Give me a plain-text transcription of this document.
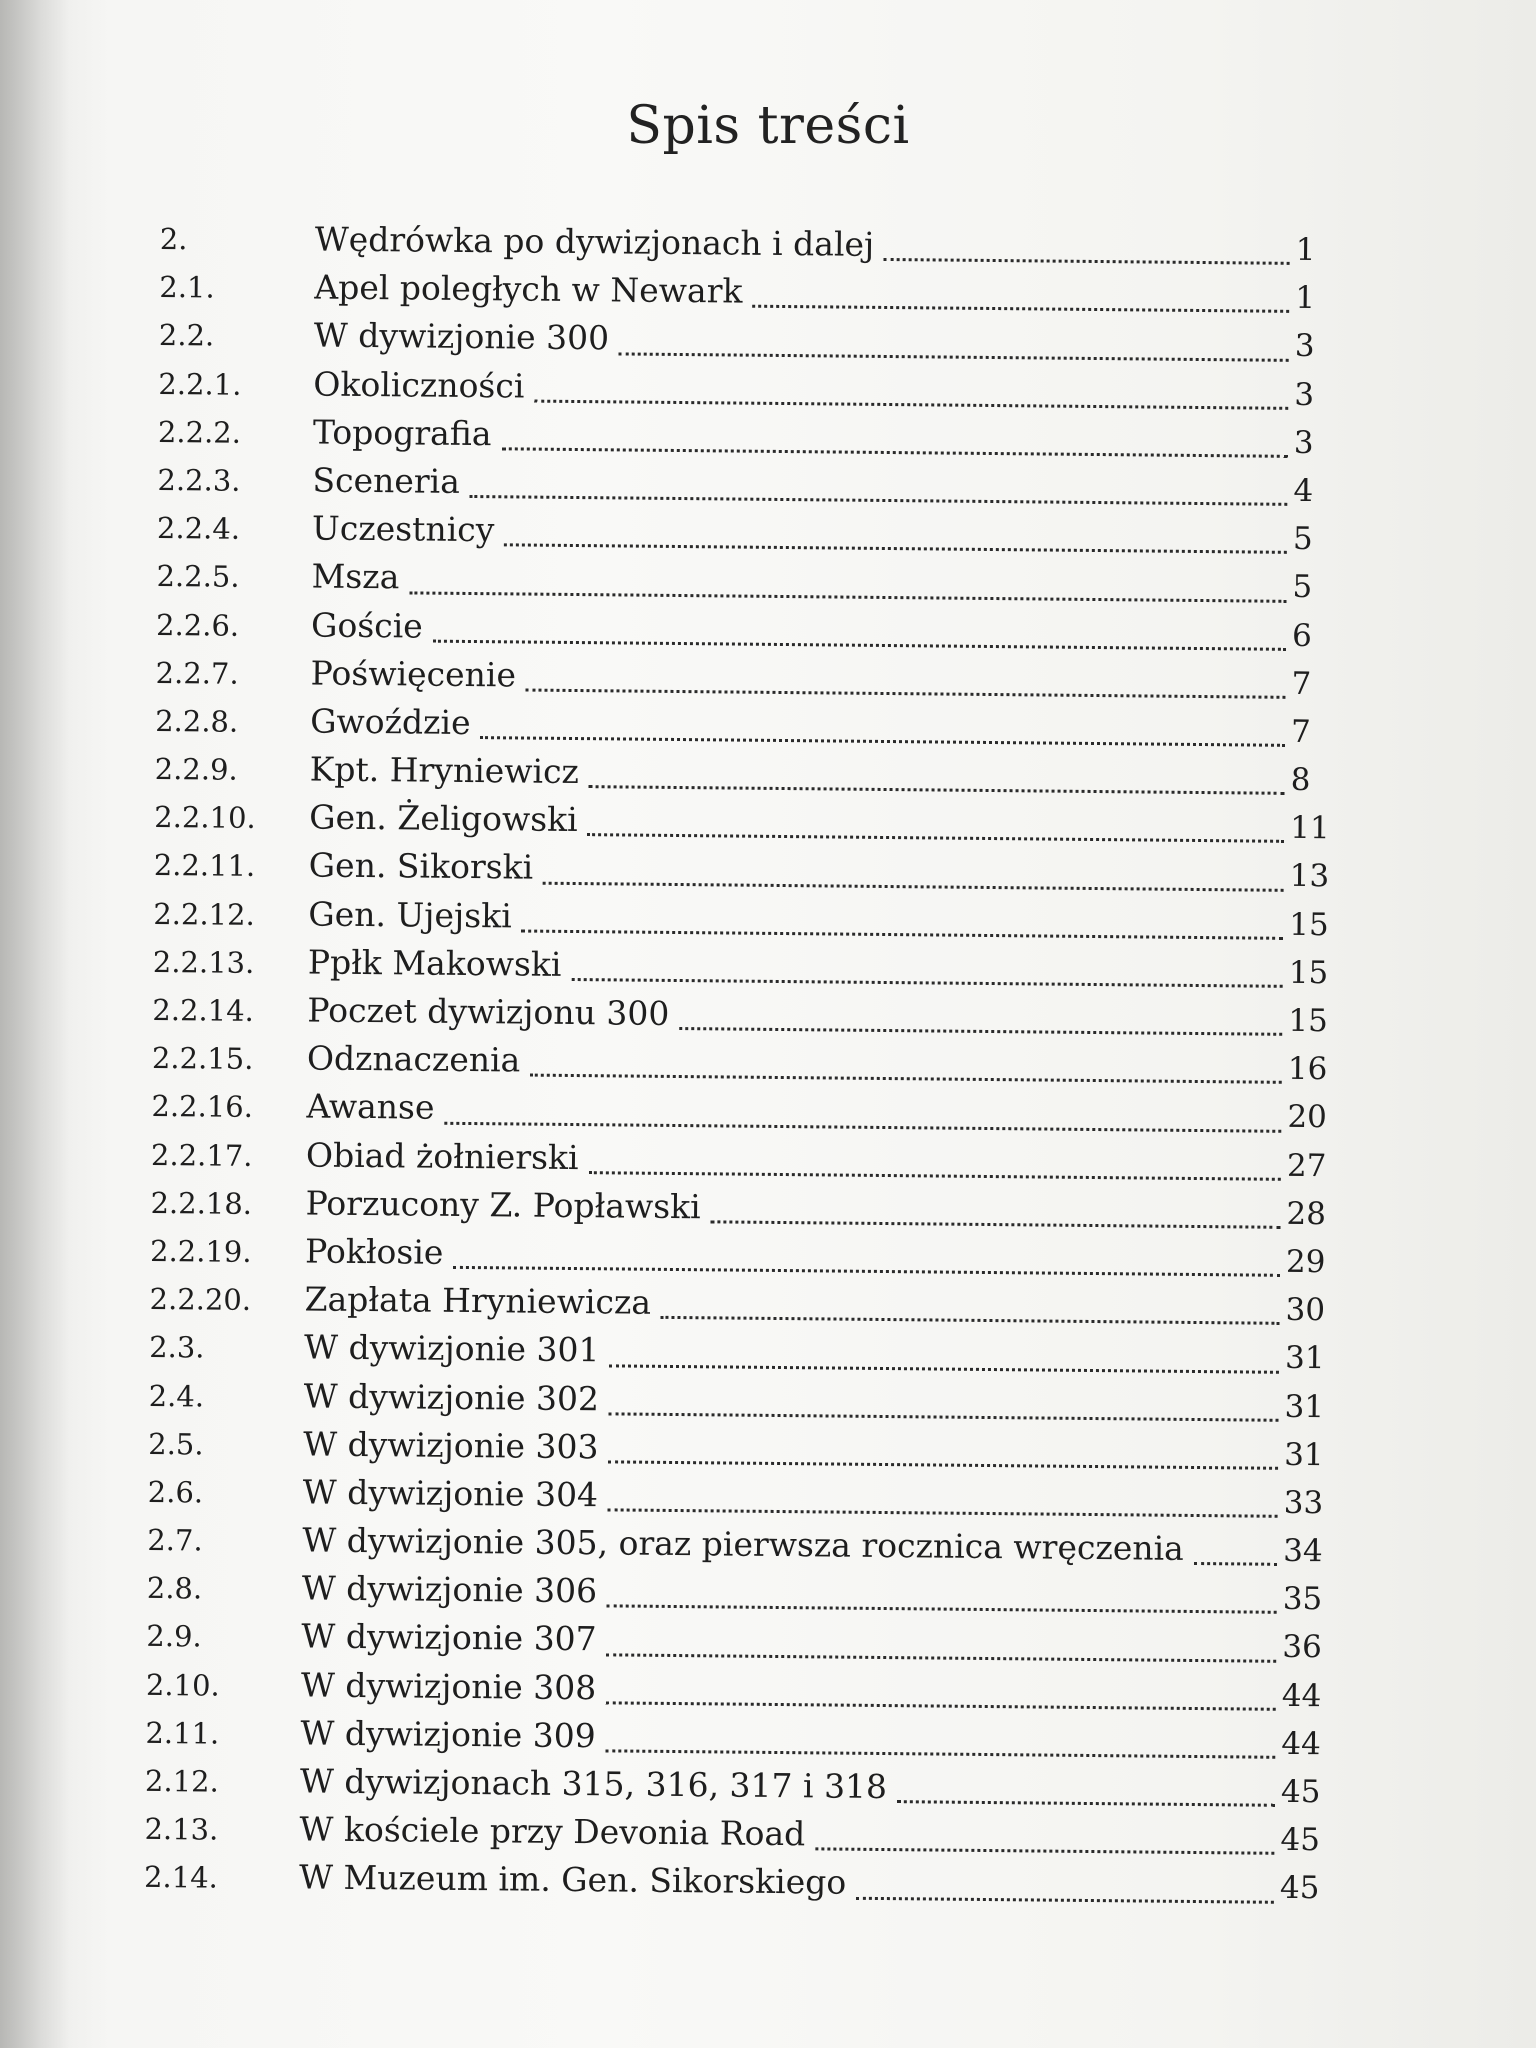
Spis treści
2.	Wędrówka po dywizjonach i dalej	1
2.1.	Apel poległych w Newark	1
2.2.	W dywizjonie 300	3
2.2.1.	Okoliczności	3
2.2.2.	Topografia	3
2.2.3.	Sceneria	4
2.2.4.	Uczestnicy	5
2.2.5.	Msza	5
2.2.6.	Goście	6
2.2.7.	Poświęcenie	7
2.2.8.	Gwoździe	7
2.2.9.	Kpt. Hryniewicz	8
2.2.10.	Gen. Żeligowski	11
2.2.11.	Gen. Sikorski	13
2.2.12.	Gen. Ujejski	15
2.2.13.	Ppłk Makowski	15
2.2.14.	Poczet dywizjonu 300	15
2.2.15.	Odznaczenia	16
2.2.16.	Awanse	20
2.2.17.	Obiad żołnierski	27
2.2.18.	Porzucony Z. Popławski	28
2.2.19.	Pokłosie	29
2.2.20.	Zapłata Hryniewicza	30
2.3.	W dywizjonie 301	31
2.4.	W dywizjonie 302	31
2.5.	W dywizjonie 303	31
2.6.	W dywizjonie 304	33
2.7.	W dywizjonie 305, oraz pierwsza rocznica wręczenia	34
2.8.	W dywizjonie 306	35
2.9.	W dywizjonie 307	36
2.10.	W dywizjonie 308	44
2.11.	W dywizjonie 309	44
2.12.	W dywizjonach 315, 316, 317 i 318	45
2.13.	W kościele przy Devonia Road	45
2.14.	W Muzeum im. Gen. Sikorskiego	45
